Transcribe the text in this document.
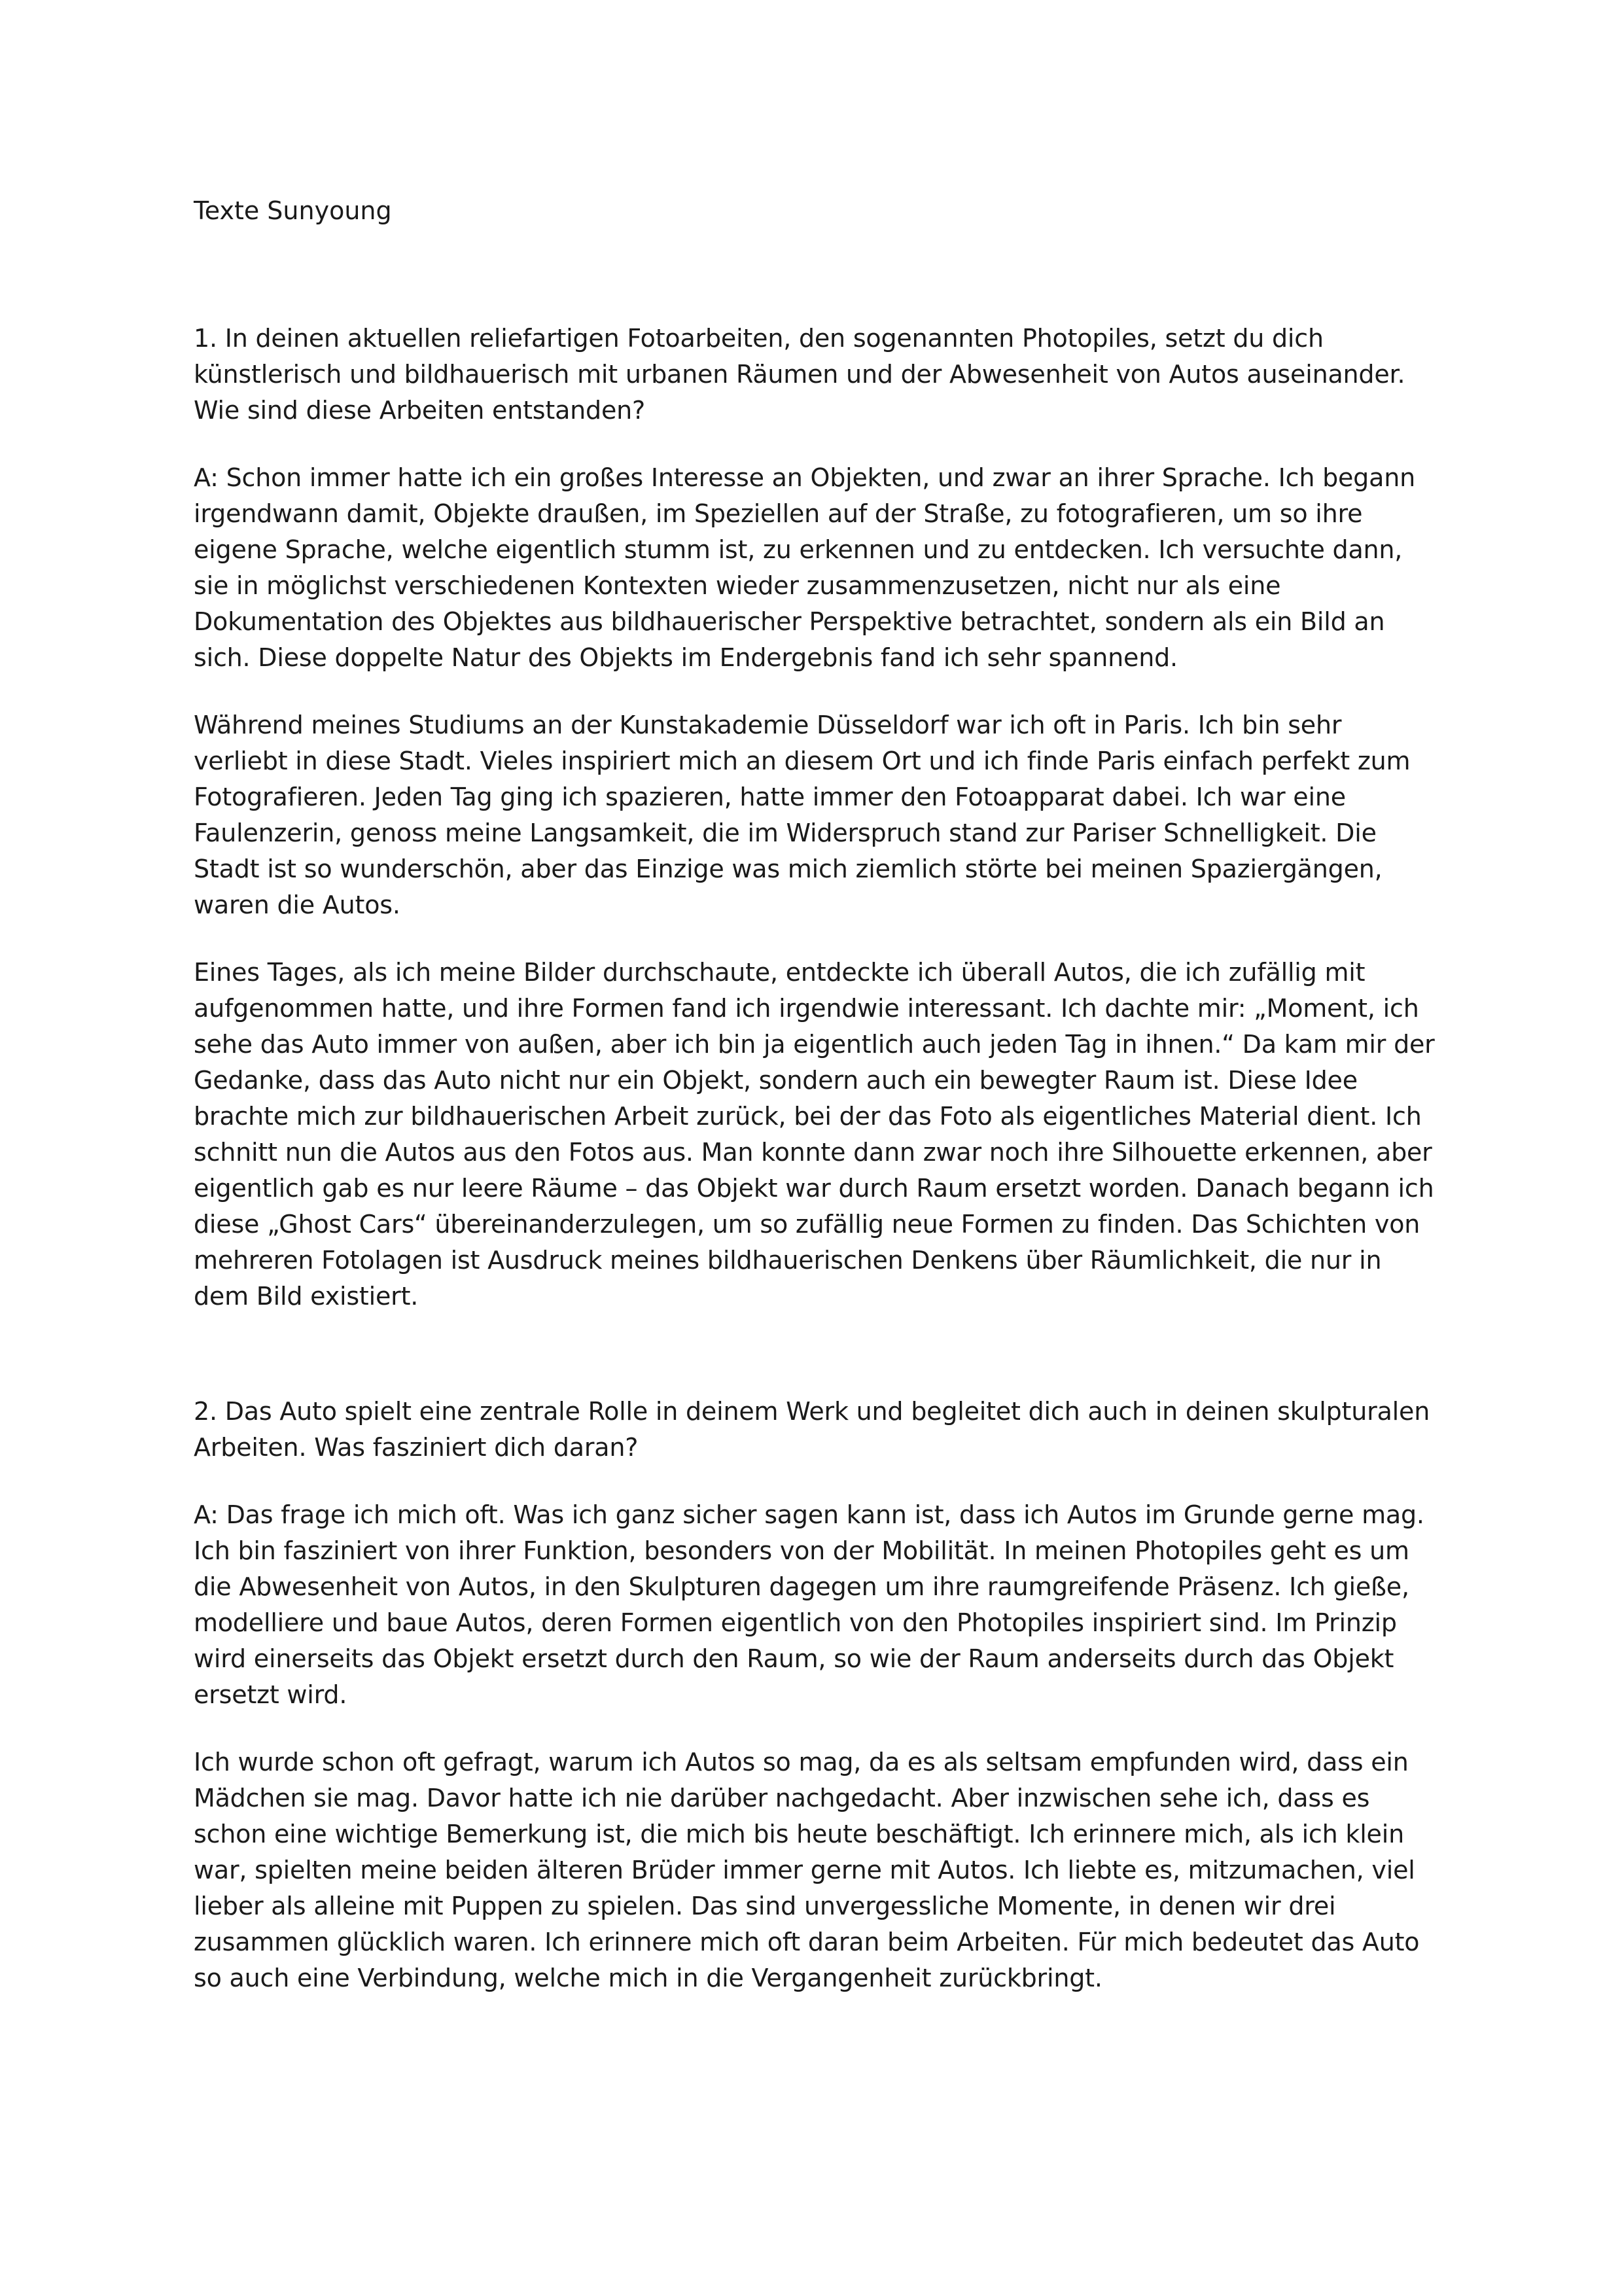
Texte Sunyoung

1. In deinen aktuellen reliefartigen Fotoarbeiten, den sogenannten Photopiles, setzt du dich künstlerisch und bildhauerisch mit urbanen Räumen und der Abwesenheit von Autos auseinander. Wie sind diese Arbeiten entstanden?

A: Schon immer hatte ich ein großes Interesse an Objekten, und zwar an ihrer Sprache. Ich begann irgendwann damit, Objekte draußen, im Speziellen auf der Straße, zu fotografieren, um so ihre eigene Sprache, welche eigentlich stumm ist, zu erkennen und zu entdecken. Ich versuchte dann, sie in möglichst verschiedenen Kontexten wieder zusammenzusetzen, nicht nur als eine Dokumentation des Objektes aus bildhauerischer Perspektive betrachtet, sondern als ein Bild an sich. Diese doppelte Natur des Objekts im Endergebnis fand ich sehr spannend.

Während meines Studiums an der Kunstakademie Düsseldorf war ich oft in Paris. Ich bin sehr verliebt in diese Stadt. Vieles inspiriert mich an diesem Ort und ich finde Paris einfach perfekt zum Fotografieren. Jeden Tag ging ich spazieren, hatte immer den Fotoapparat dabei. Ich war eine Faulenzerin, genoss meine Langsamkeit, die im Widerspruch stand zur Pariser Schnelligkeit. Die Stadt ist so wunderschön, aber das Einzige was mich ziemlich störte bei meinen Spaziergängen, waren die Autos.

Eines Tages, als ich meine Bilder durchschaute, entdeckte ich überall Autos, die ich zufällig mit aufgenommen hatte, und ihre Formen fand ich irgendwie interessant. Ich dachte mir: „Moment, ich sehe das Auto immer von außen, aber ich bin ja eigentlich auch jeden Tag in ihnen.“ Da kam mir der Gedanke, dass das Auto nicht nur ein Objekt, sondern auch ein bewegter Raum ist. Diese Idee brachte mich zur bildhauerischen Arbeit zurück, bei der das Foto als eigentliches Material dient. Ich schnitt nun die Autos aus den Fotos aus. Man konnte dann zwar noch ihre Silhouette erkennen, aber eigentlich gab es nur leere Räume – das Objekt war durch Raum ersetzt worden. Danach begann ich diese „Ghost Cars“ übereinanderzulegen, um so zufällig neue Formen zu finden. Das Schichten von mehreren Fotolagen ist Ausdruck meines bildhauerischen Denkens über Räumlichkeit, die nur in dem Bild existiert.

2. Das Auto spielt eine zentrale Rolle in deinem Werk und begleitet dich auch in deinen skulpturalen Arbeiten. Was fasziniert dich daran?

A: Das frage ich mich oft. Was ich ganz sicher sagen kann ist, dass ich Autos im Grunde gerne mag. Ich bin fasziniert von ihrer Funktion, besonders von der Mobilität. In meinen Photopiles geht es um die Abwesenheit von Autos, in den Skulpturen dagegen um ihre raumgreifende Präsenz. Ich gieße, modelliere und baue Autos, deren Formen eigentlich von den Photopiles inspiriert sind. Im Prinzip wird einerseits das Objekt ersetzt durch den Raum, so wie der Raum anderseits durch das Objekt ersetzt wird.

Ich wurde schon oft gefragt, warum ich Autos so mag, da es als seltsam empfunden wird, dass ein Mädchen sie mag. Davor hatte ich nie darüber nachgedacht. Aber inzwischen sehe ich, dass es schon eine wichtige Bemerkung ist, die mich bis heute beschäftigt. Ich erinnere mich, als ich klein war, spielten meine beiden älteren Brüder immer gerne mit Autos. Ich liebte es, mitzumachen, viel lieber als alleine mit Puppen zu spielen. Das sind unvergessliche Momente, in denen wir drei zusammen glücklich waren. Ich erinnere mich oft daran beim Arbeiten. Für mich bedeutet das Auto so auch eine Verbindung, welche mich in die Vergangenheit zurückbringt.
